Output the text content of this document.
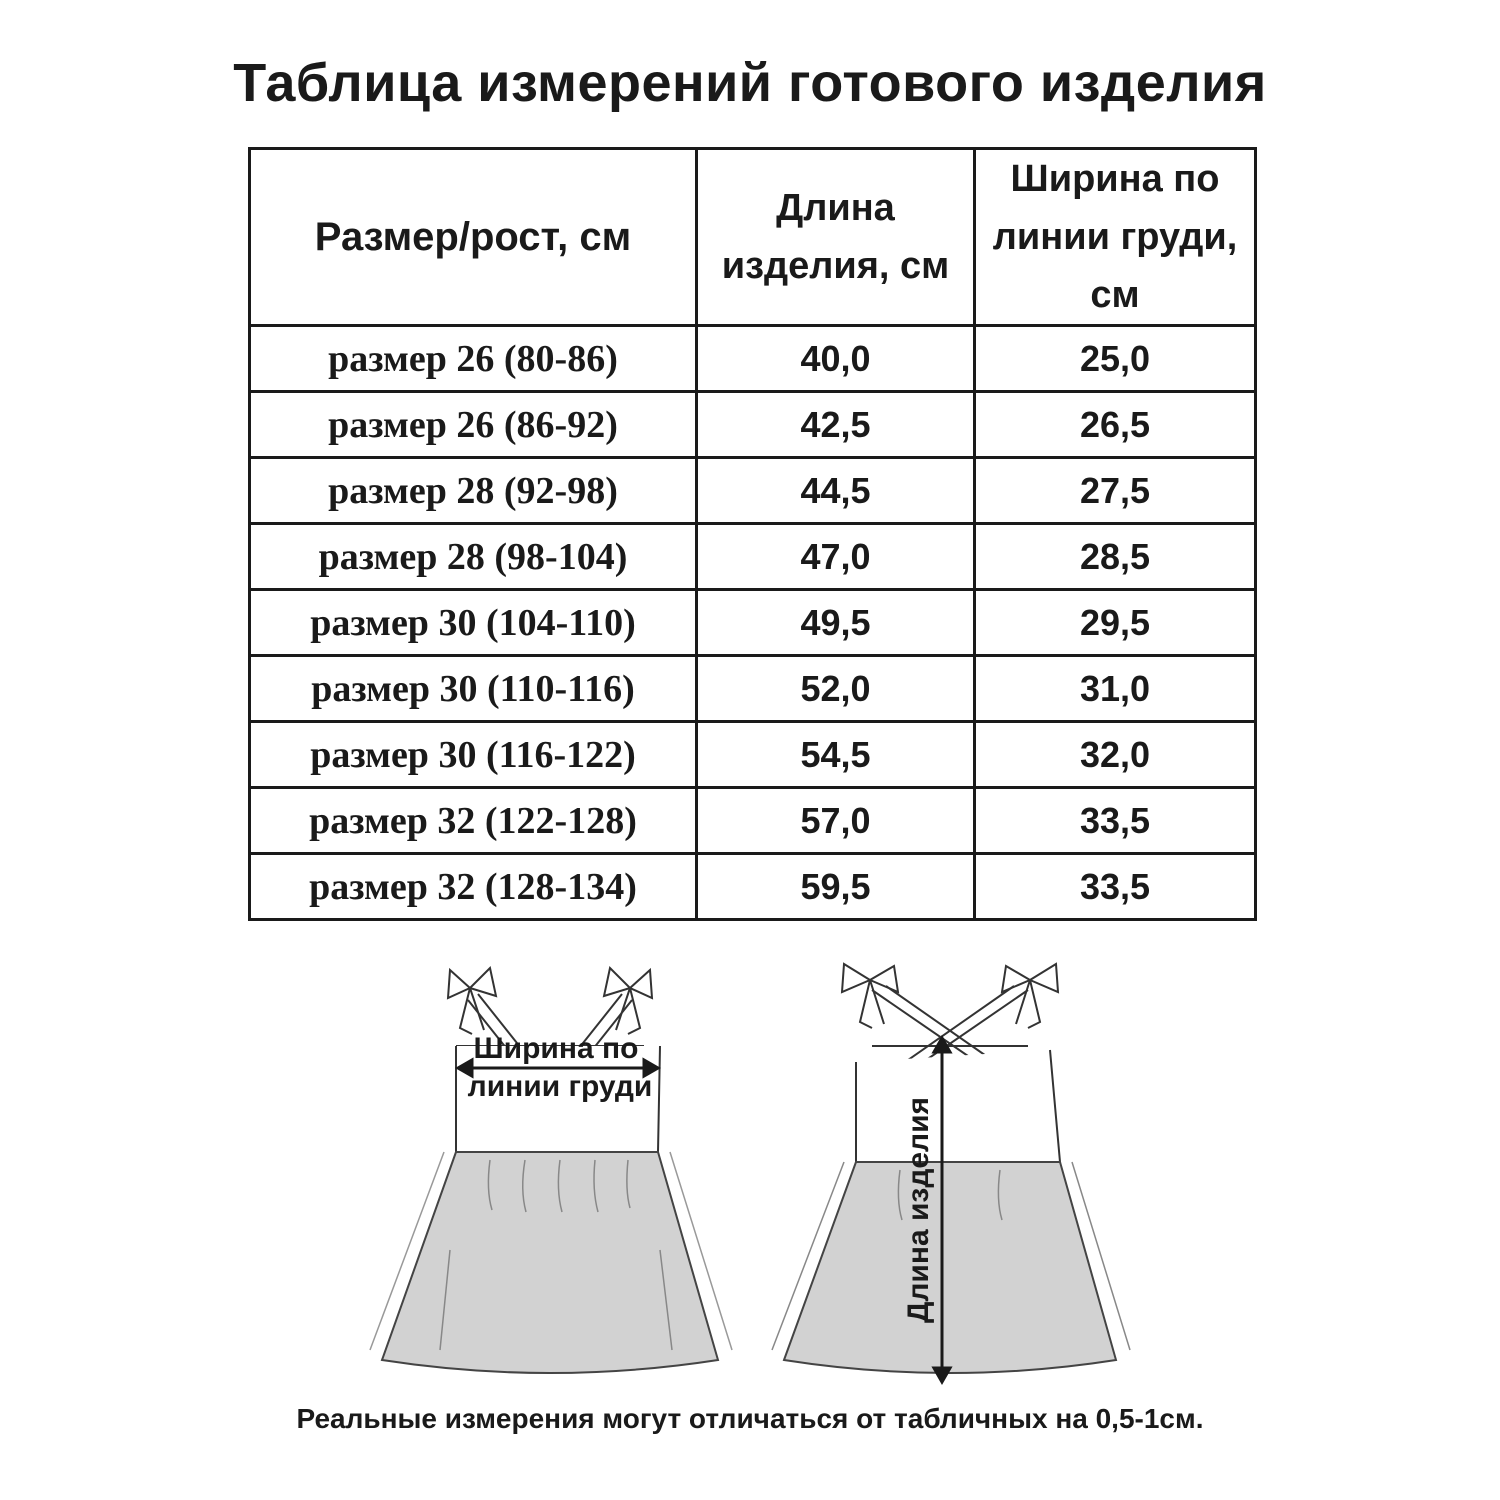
Таблица измерений готового изделия
Размер/рост, см	Длина изделия, см	Ширина по линии груди, см
размер 26 (80-86)	40,0	25,0
размер 26 (86-92)	42,5	26,5
размер 28 (92-98)	44,5	27,5
размер 28 (98-104)	47,0	28,5
размер 30 (104-110)	49,5	29,5
размер 30 (110-116)	52,0	31,0
размер 30 (116-122)	54,5	32,0
размер 32 (122-128)	57,0	33,5
размер 32 (128-134)	59,5	33,5
Ширина по
линии груди
Длина изделия
Реальные измерения могут отличаться от табличных на 0,5-1см.
